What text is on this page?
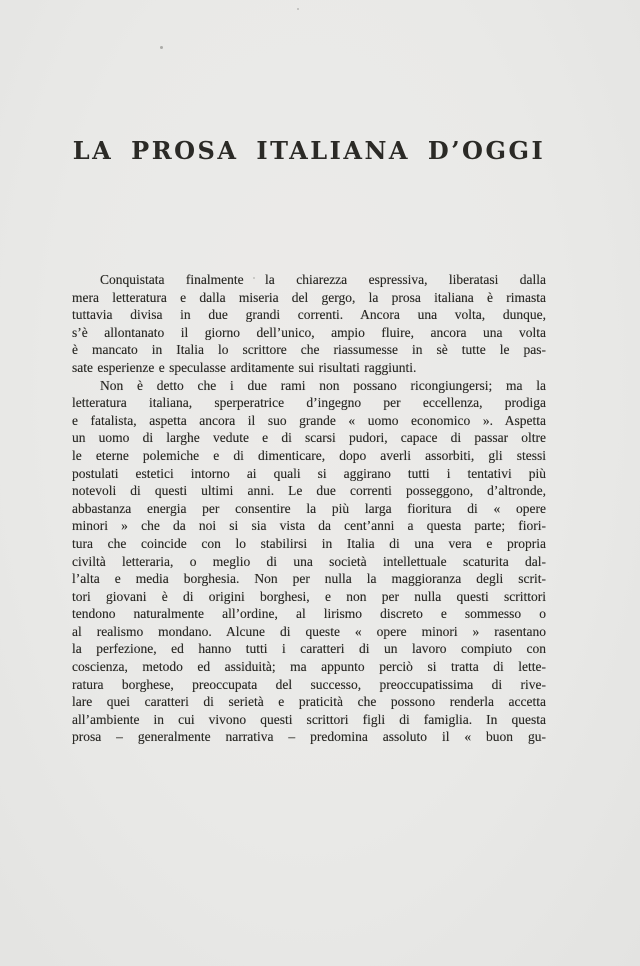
LA PROSA ITALIANA D’OGGI
Conquistata finalmente la chiarezza espressiva, liberatasi dalla
mera letteratura e dalla miseria del gergo, la prosa italiana è rimasta
tuttavia divisa in due grandi correnti. Ancora una volta, dunque,
s’è allontanato il giorno dell’unico, ampio fluire, ancora una volta
è mancato in Italia lo scrittore che riassumesse in sè tutte le pas-
sate esperienze e speculasse arditamente sui risultati raggiunti.
Non è detto che i due rami non possano ricongiungersi; ma la
letteratura italiana, sperperatrice d’ingegno per eccellenza, prodiga
e fatalista, aspetta ancora il suo grande « uomo economico ». Aspetta
un uomo di larghe vedute e di scarsi pudori, capace di passar oltre
le eterne polemiche e di dimenticare, dopo averli assorbiti, gli stessi
postulati estetici intorno ai quali si aggirano tutti i tentativi più
notevoli di questi ultimi anni. Le due correnti posseggono, d’altronde,
abbastanza energia per consentire la più larga fioritura di « opere
minori » che da noi si sia vista da cent’anni a questa parte; fiori-
tura che coincide con lo stabilirsi in Italia di una vera e propria
civiltà letteraria, o meglio di una società intellettuale scaturita dal-
l’alta e media borghesia. Non per nulla la maggioranza degli scrit-
tori giovani è di origini borghesi, e non per nulla questi scrittori
tendono naturalmente all’ordine, al lirismo discreto e sommesso o
al realismo mondano. Alcune di queste « opere minori » rasentano
la perfezione, ed hanno tutti i caratteri di un lavoro compiuto con
coscienza, metodo ed assiduità; ma appunto perciò si tratta di lette-
ratura borghese, preoccupata del successo, preoccupatissima di rive-
lare quei caratteri di serietà e praticità che possono renderla accetta
all’ambiente in cui vivono questi scrittori figli di famiglia. In questa
prosa – generalmente narrativa – predomina assoluto il « buon gu-
